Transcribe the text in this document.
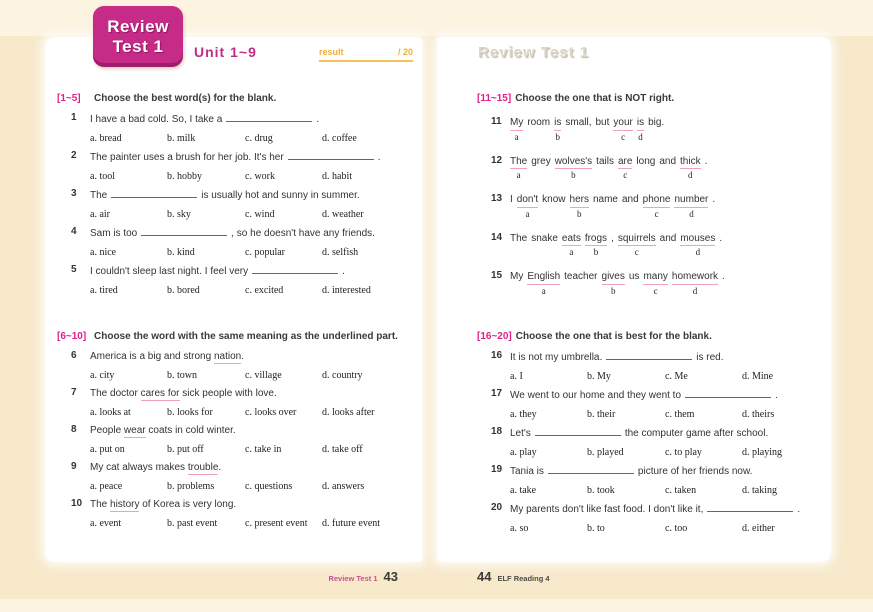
Review
Test 1 Unit 1~9	result	/ 20	Review Test 1
[1~5]	Choose the best word(s) for the blank.
1	I have a bad cold. So, I take a	.
a. bread	b. milk	c. drug	d. coffee
2	The painter uses a brush for her job. It's her	.
a. tool	b. hobby	c. work	d. habit
3	The	is usually hot and sunny in summer.
a. air	b. sky	c. wind	d. weather
4	Sam is too	, so he doesn't have any friends.
a. nice	b. kind	c. popular	d. selfish
5	I couldn't sleep last night. I feel very	.
a. tired	b. bored	c. excited	d. interested
[6~10] Choose the word with the same meaning as the underlined part.
6	America is a big and strong nation.
a. city	b. town	c. village	d. country
7	The doctor cares for sick people with love.
a. looks at	b. looks for	c. looks over	d. looks after
8	People wear coats in cold winter.
a. put on	b. put off	c. take in	d. take off
9	My cat always makes trouble.
a. peace	b. problems	c. questions	d. answers
10 The history of Korea is very long.
a. event	b. past event	c. present event	d. future event
[11~15] Choose the one that is NOT right.
$11 \frac{My}{a}$ room $\frac{is}{b}$ small, but your
c $\frac{is}{d}$ big.
12 The
a
grey wolves's
b
tails are
c
long and thick
d
.
13 I don't
a
know hers
b
name and phone
c
number
d
.
14 The snake eats
a
frogs
b
, squirrels
c
and mouses
d
.
15 My English
a
teacher gives
b
us many
c
homework
d
.
[16~20] Choose the one that is best for the blank.
16 It is not my umbrella.	is red.
a. I	b. My	c. Me	d. Mine
17 We went to our home and they went to	.
a. they	b. their	c. them	d. theirs
18 Let's	the computer game after school.
a. play	b. played	c. to play	d. playing
19 Tania is	picture of her friends now.
a. take	b. took	c. taken	d. taking
20 My parents don't like fast food. I don't like it,	.
a. so	b. to	c. too	d. either
Review Test 1 43	44 ELF Reading 4
